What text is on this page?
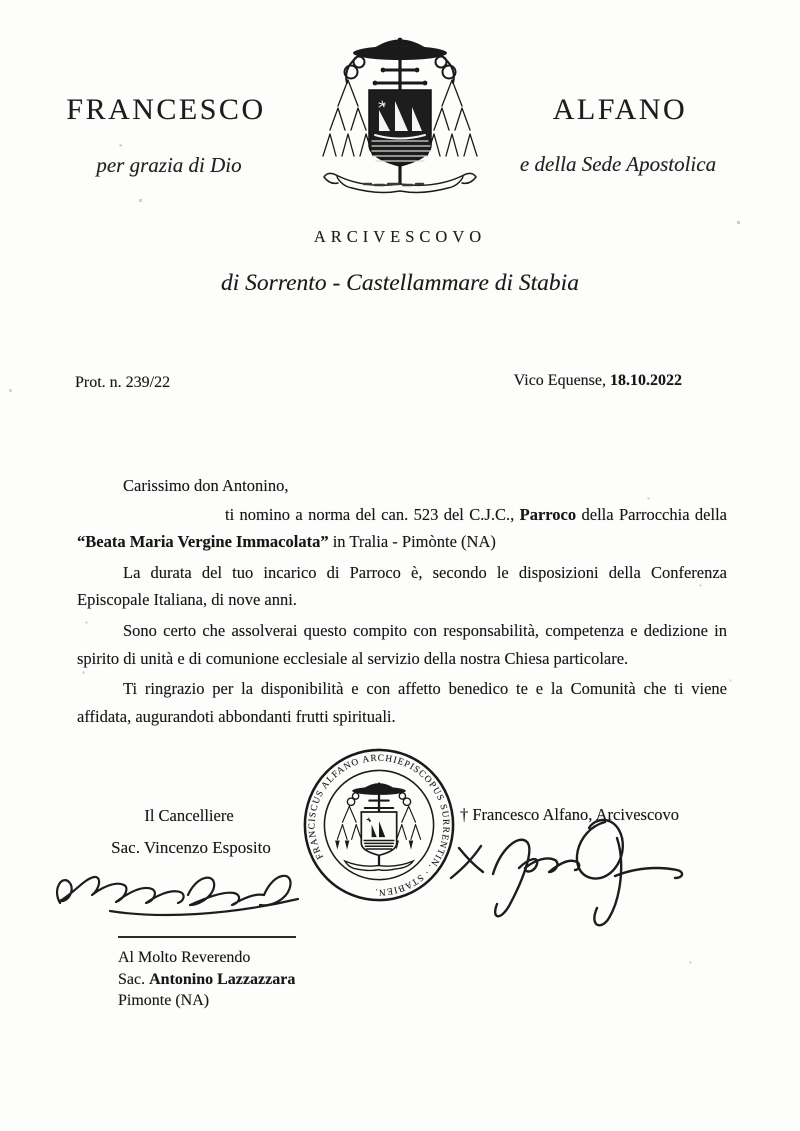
FRANCESCO	ALFANO
per grazia di Dio	e della Sede Apostolica
ARCIVESCOVO
di Sorrento - Castellammare di Stabia
Prot. n. 239/22	Vico Equense, 18.10.2022

Carissimo don Antonino,

ti nomino a norma del can. 523 del C.J.C., Parroco della Parrocchia della “Beata Maria Vergine Immacolata” in Tralia - Pimònte (NA)

La durata del tuo incarico di Parroco è, secondo le disposizioni della Conferenza Episcopale Italiana, di nove anni.

Sono certo che assolverai questo compito con responsabilità, competenza e dedizione in spirito di unità e di comunione ecclesiale al servizio della nostra Chiesa particolare.

Ti ringrazio per la disponibilità e con affetto benedico te e la Comunità che ti viene affidata, augurandoti abbondanti frutti spirituali.

FRANCISCUS ALFANO ARCHIEPISCOPUS SURRENTIN. ∙ STABIEN.
Il Cancelliere
Sac. Vincenzo Esposito
† Francesco Alfano, Arcivescovo
Al Molto Reverendo
Sac. Antonino Lazzazzara
Pimonte (NA)
